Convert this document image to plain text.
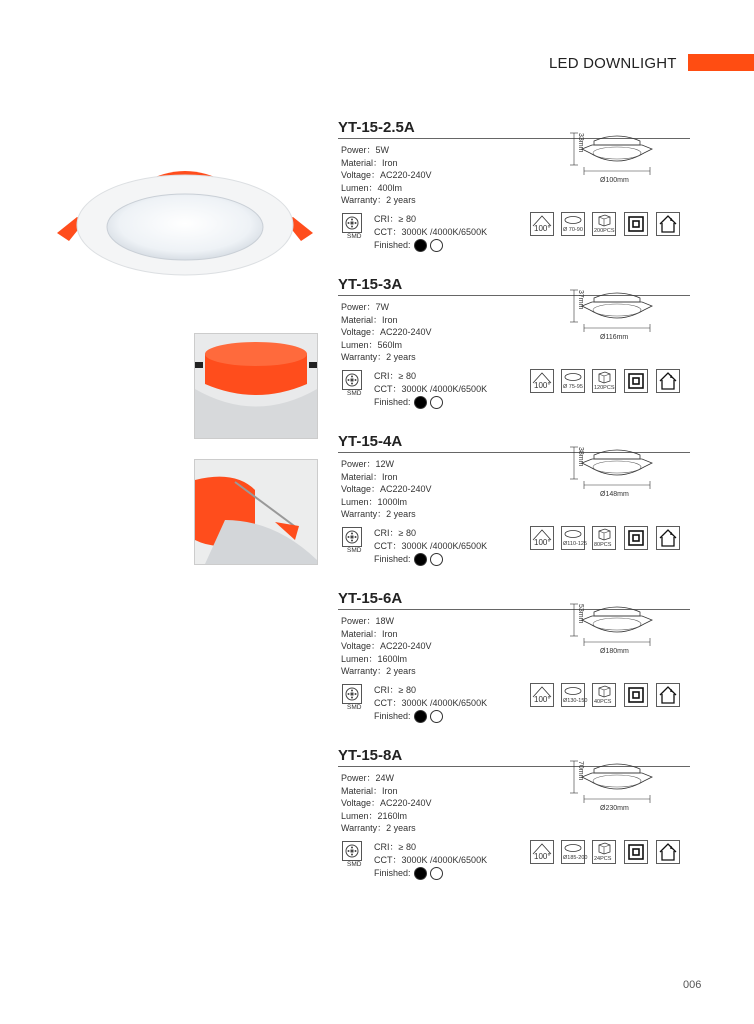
LED DOWNLIGHT
YT-15-2.5A
Power：5W
Material：Iron
Voltage：AC220-240V
Lumen：400lm
Warranty：2 years
SMD
CRI：≥ 80
CCT：3000K /4000K/6500K
Finished:
33mm
Ø100mm
100° Ø 70-90 200PCS
YT-15-3A
Power：7W
Material：Iron
Voltage：AC220-240V
Lumen：560lm
Warranty：2 years
SMD
CRI：≥ 80
CCT：3000K /4000K/6500K
Finished:
37mm
Ø116mm
100° Ø 75-95 120PCS
YT-15-4A
Power：12W
Material：Iron
Voltage：AC220-240V
Lumen：1000lm
Warranty：2 years
SMD
CRI：≥ 80
CCT：3000K /4000K/6500K
Finished:
38mm
Ø148mm
100° Ø110-125 80PCS
YT-15-6A
Power：18W
Material：Iron
Voltage：AC220-240V
Lumen：1600lm
Warranty：2 years
SMD
CRI：≥ 80
CCT：3000K /4000K/6500K
Finished:
53mm
Ø180mm
100° Ø130-150 40PCS
YT-15-8A
Power：24W
Material：Iron
Voltage：AC220-240V
Lumen：2160lm
Warranty：2 years
SMD
CRI：≥ 80
CCT：3000K /4000K/6500K
Finished:
70mm
Ø230mm
100° Ø185-200 24PCS
006
